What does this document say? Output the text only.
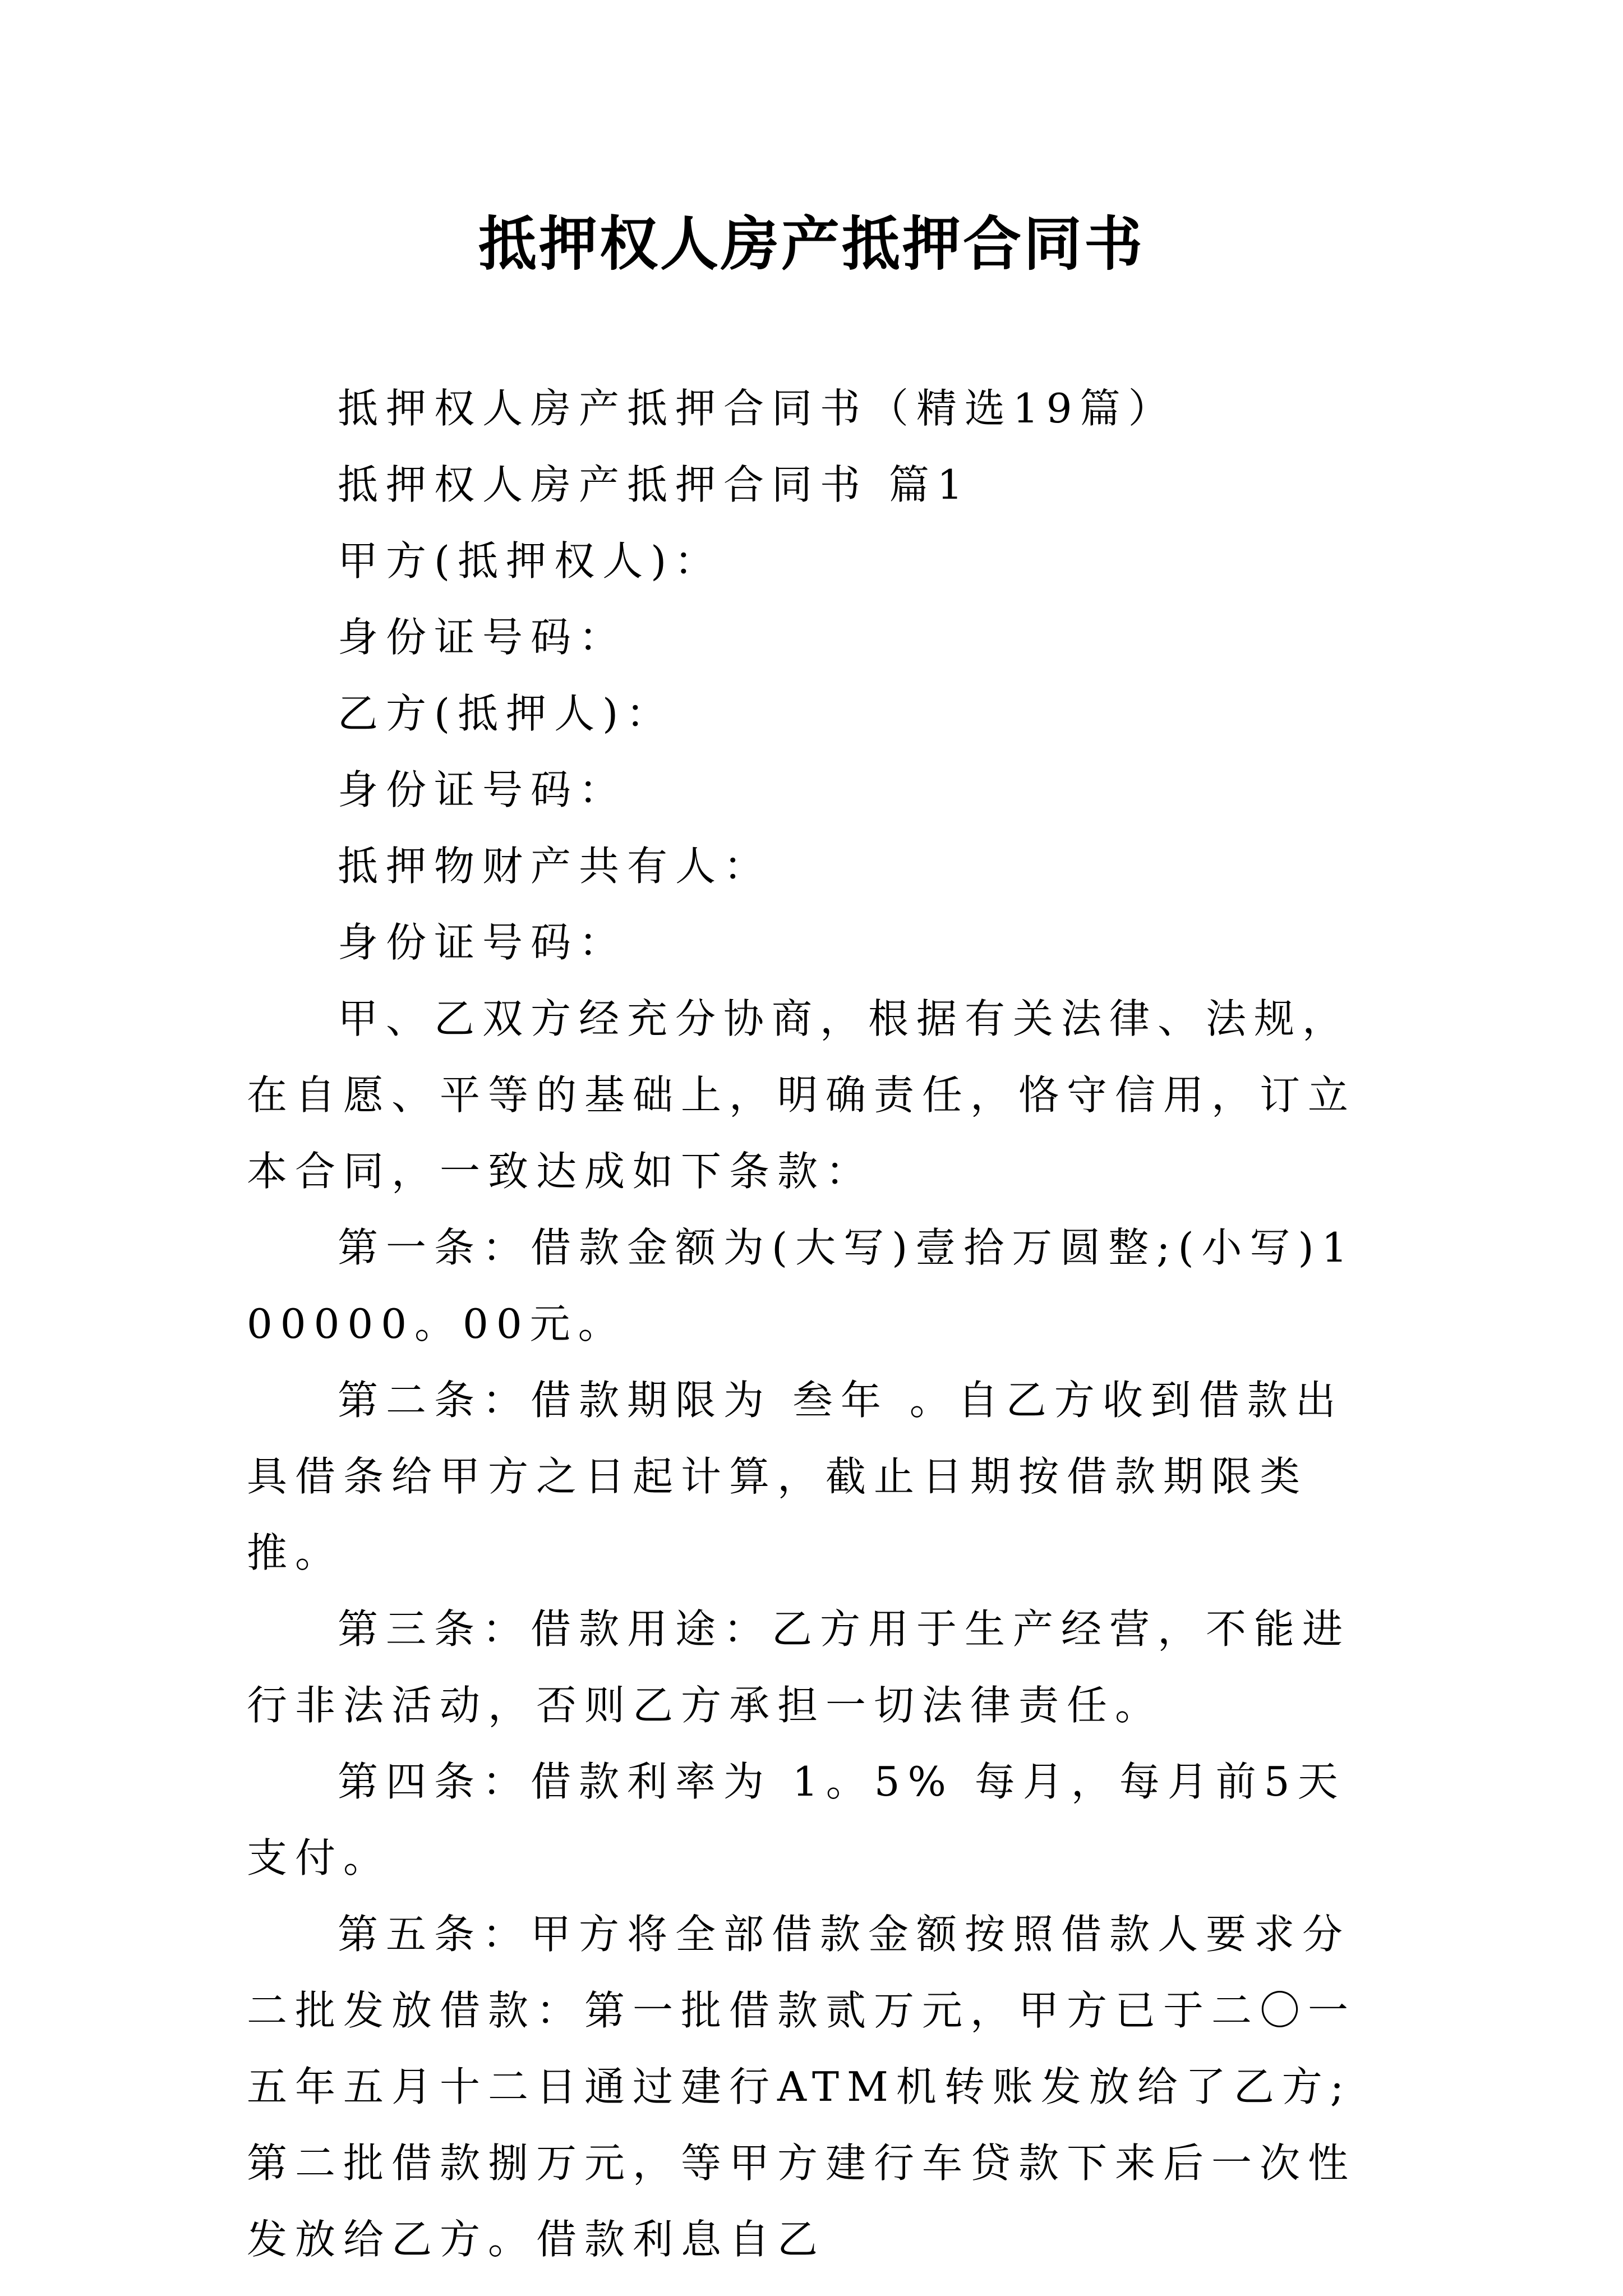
抵押权人房产抵押合同书

抵押权人房产抵押合同书（精选19篇）

抵押权人房产抵押合同书 篇1

甲方(抵押权人)：

身份证号码：

乙方(抵押人)：

身份证号码：

抵押物财产共有人：

身份证号码：

甲、乙双方经充分协商，根据有关法律、法规，在自愿、平等的基础上，明确责任，恪守信用，订立本合同，一致达成如下条款：

第一条：借款金额为(大写)壹拾万圆整;(小写)100000。00元。

第二条：借款期限为 叁年 。自乙方收到借款出具借条给甲方之日起计算，截止日期按借款期限类推。

第三条：借款用途：乙方用于生产经营，不能进行非法活动，否则乙方承担一切法律责任。

第四条：借款利率为 1。5% 每月，每月前5天支付。

第五条：甲方将全部借款金额按照借款人要求分二批发放借款：第一批借款贰万元，甲方已于二〇一五年五月十二日通过建行ATM机转账发放给了乙方;第二批借款捌万元，等甲方建行车贷款下来后一次性发放给乙方。借款利息自乙
